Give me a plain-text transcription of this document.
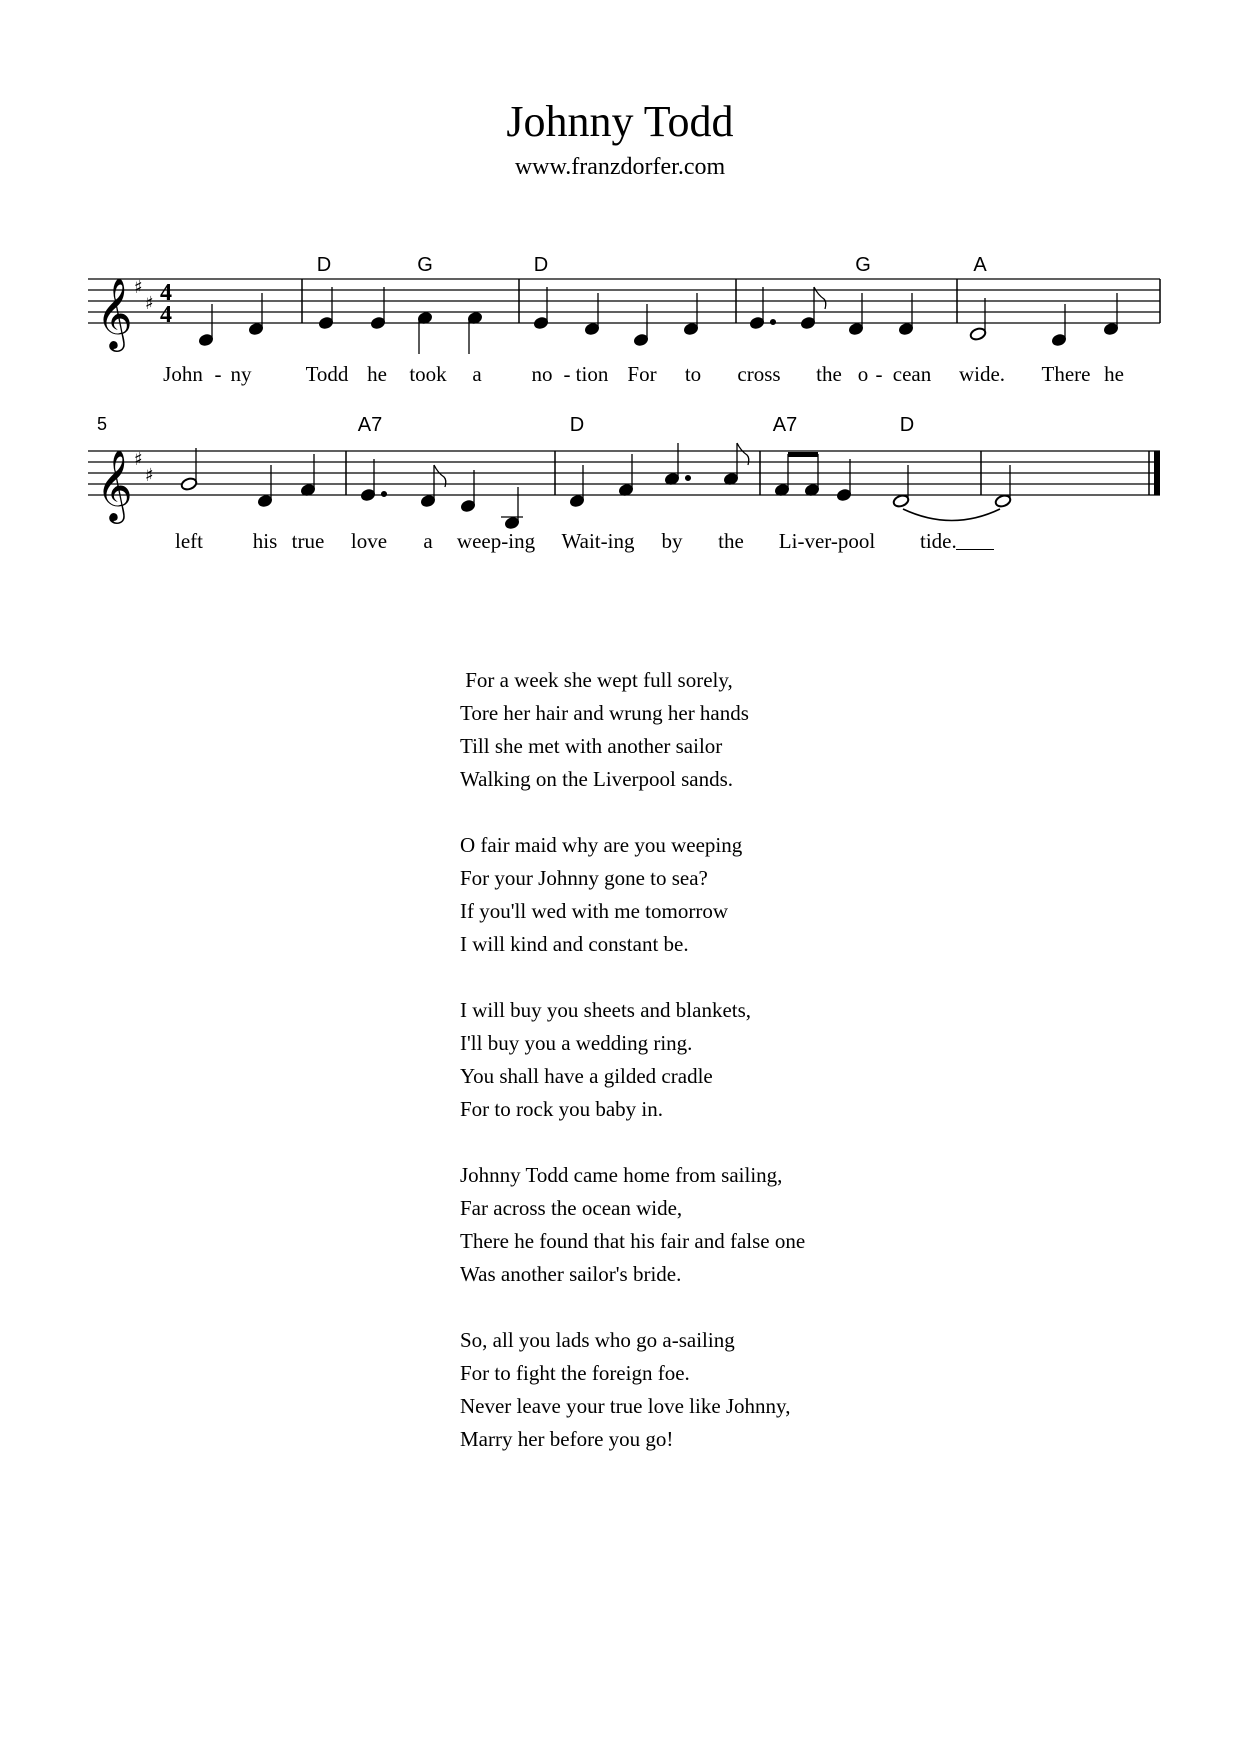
Johnny Todd
www.franzdorfer.com
D	G	D	G	A
𝄞 ♯
♯ 4
4
John - ny	Todd he took a no - tion For to cross the o - cean wide. There he
5	A7	D	A7	D
𝄞 ♯
♯
left his true love a weep-ing Wait-ing by the Li-ver-pool tide.
For a week she wept full sorely,
Tore her hair and wrung her hands
Till she met with another sailor
Walking on the Liverpool sands.
O fair maid why are you weeping
For your Johnny gone to sea?
If you'll wed with me tomorrow
I will kind and constant be.
I will buy you sheets and blankets,
I'll buy you a wedding ring.
You shall have a gilded cradle
For to rock you baby in.
Johnny Todd came home from sailing,
Far across the ocean wide,
There he found that his fair and false one
Was another sailor's bride.
So, all you lads who go a-sailing
For to fight the foreign foe.
Never leave your true love like Johnny,
Marry her before you go!
